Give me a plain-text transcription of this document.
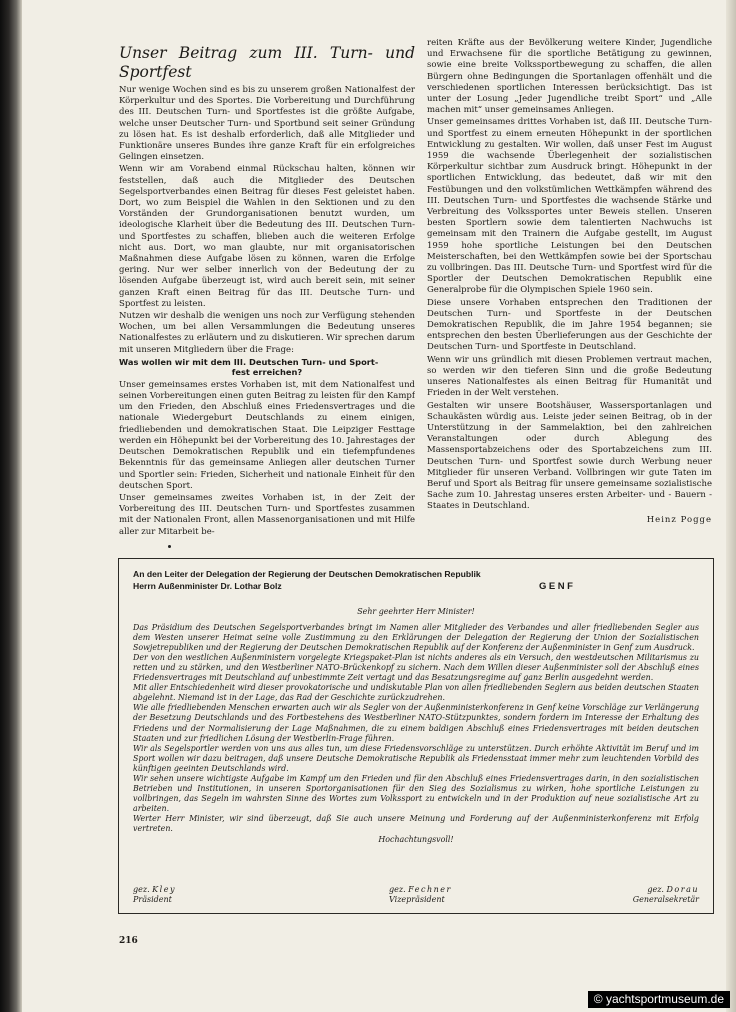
Unser Beitrag zum III. Turn- und Sportfest

Nur wenige Wochen sind es bis zu unserem großen Nationalfest der Körperkultur und des Sportes. Die Vorbereitung und Durchführung des III. Deutschen Turn- und Sportfestes ist die größte Aufgabe, welche unser Deutscher Turn- und Sportbund seit seiner Gründung zu lösen hat. Es ist deshalb erforderlich, daß alle Mitglieder und Funktionäre unseres Bundes ihre ganze Kraft für ein erfolgreiches Gelingen einsetzen.

Wenn wir am Vorabend einmal Rückschau halten, können wir feststellen, daß auch die Mitglieder des Deutschen Segelsportverbandes einen Beitrag für dieses Fest geleistet haben. Dort, wo zum Beispiel die Wahlen in den Sektionen und zu den Vorständen der Grundorganisationen benutzt wurden, um ideologische Klarheit über die Bedeutung des III. Deutschen Turn- und Sportfestes zu schaffen, blieben auch die weiteren Erfolge nicht aus. Dort, wo man glaubte, nur mit organisatorischen Maßnahmen diese Aufgabe lösen zu können, waren die Erfolge gering. Nur wer selber innerlich von der Bedeutung der zu lösenden Aufgabe überzeugt ist, wird auch bereit sein, mit seiner ganzen Kraft einen Beitrag für das III. Deutsche Turn- und Sportfest zu leisten.

Nutzen wir deshalb die wenigen uns noch zur Verfügung stehenden Wochen, um bei allen Versammlungen die Bedeutung unseres Nationalfestes zu erläutern und zu diskutieren. Wir sprechen darum mit unseren Mitgliedern über die Frage:

Was wollen wir mit dem III. Deutschen Turn- und Sport-
fest erreichen?

Unser gemeinsames erstes Vorhaben ist, mit dem Nationalfest und seinen Vorbereitungen einen guten Beitrag zu leisten für den Kampf um den Frieden, den Abschluß eines Friedensvertrages und die nationale Wiedergeburt Deutschlands zu einem einigen, friedliebenden und demokratischen Staat. Die Leipziger Festtage werden ein Höhepunkt bei der Vorbereitung des 10. Jahrestages der Deutschen Demokratischen Republik und ein tiefempfundenes Bekenntnis für das gemeinsame Anliegen aller deutschen Turner und Sportler sein: Frieden, Sicherheit und nationale Einheit für den deutschen Sport.

Unser gemeinsames zweites Vorhaben ist, in der Zeit der Vorbereitung des III. Deutschen Turn- und Sportfestes zusammen mit der Nationalen Front, allen Massenorganisationen und mit Hilfe aller zur Mitarbeit be-

reiten Kräfte aus der Bevölkerung weitere Kinder, Jugendliche und Erwachsene für die sportliche Betätigung zu gewinnen, sowie eine breite Volkssportbewegung zu schaffen, die allen Bürgern ohne Bedingungen die Sportanlagen offenhält und die verschiedenen sportlichen Interessen berücksichtigt. Das ist unter der Losung „Jeder Jugendliche treibt Sport“ und „Alle machen mit“ unser gemeinsames Anliegen.

Unser gemeinsames drittes Vorhaben ist, daß III. Deutsche Turn- und Sportfest zu einem erneuten Höhepunkt in der sportlichen Entwicklung zu gestalten. Wir wollen, daß unser Fest im August 1959 die wachsende Überlegenheit der sozialistischen Körperkultur sichtbar zum Ausdruck bringt. Höhepunkt in der sportlichen Entwicklung, das bedeutet, daß wir mit den Festübungen und den volkstümlichen Wettkämpfen während des III. Deutschen Turn- und Sportfestes die wachsende Stärke und Verbreitung des Volkssportes unter Beweis stellen. Unseren besten Sportlern sowie dem talentierten Nachwuchs ist gemeinsam mit den Trainern die Aufgabe gestellt, im August 1959 hohe sportliche Leistungen bei den Deutschen Meisterschaften, bei den Wettkämpfen sowie bei der Sportschau zu vollbringen. Das III. Deutsche Turn- und Sportfest wird für die Sportler der Deutschen Demokratischen Republik eine Generalprobe für die Olympischen Spiele 1960 sein.

Diese unsere Vorhaben entsprechen den Traditionen der Deutschen Turn- und Sportfeste in der Deutschen Demokratischen Republik, die im Jahre 1954 begannen; sie entsprechen den besten Überlieferungen aus der Geschichte der Deutschen Turn- und Sportfeste in Deutschland.

Wenn wir uns gründlich mit diesen Problemen vertraut machen, so werden wir den tieferen Sinn und die große Bedeutung unseres Nationalfestes als einen Beitrag für Humanität und Frieden in der Welt verstehen.

Gestalten wir unsere Bootshäuser, Wassersportanlagen und Schaukästen würdig aus. Leiste jeder seinen Beitrag, ob in der Unterstützung in der Sammelaktion, bei den zahlreichen Veranstaltungen oder durch Ablegung des Massensportabzeichens oder des Sportabzeichens zum III. Deutschen Turn- und Sportfest sowie durch Werbung neuer Mitglieder für unseren Verband. Vollbringen wir gute Taten im Beruf und Sport als Beitrag für unsere gemeinsame sozialistische Sache zum 10. Jahrestag unseres ersten Arbeiter- und - Bauern - Staates in Deutschland.

Heinz Pogge
An den Leiter der Delegation der Regierung der Deutschen Demokratischen Republik
Herrn Außenminister Dr. Lothar Bolz	GENF

Sehr geehrter Herr Minister!

Das Präsidium des Deutschen Segelsportverbandes bringt im Namen aller Mitglieder des Verbandes und aller friedliebenden Segler aus dem Westen unserer Heimat seine volle Zustimmung zu den Erklärungen der Delegation der Regierung der Union der Sozialistischen Sowjetrepubliken und der Regierung der Deutschen Demokratischen Republik auf der Konferenz der Außenminister in Genf zum Ausdruck.

Der von den westlichen Außenministern vorgelegte Kriegspaket-Plan ist nichts anderes als ein Versuch, den westdeutschen Militarismus zu retten und zu stärken, und den Westberliner NATO-Brückenkopf zu sichern. Nach dem Willen dieser Außenminister soll der Abschluß eines Friedensvertrages mit Deutschland auf unbestimmte Zeit vertagt und das Besatzungsregime auf ganz Berlin ausgedehnt werden.

Mit aller Entschiedenheit wird dieser provokatorische und undiskutable Plan von allen friedliebenden Seglern aus beiden deutschen Staaten abgelehnt. Niemand ist in der Lage, das Rad der Geschichte zurückzudrehen.

Wie alle friedliebenden Menschen erwarten auch wir als Segler von der Außenministerkonferenz in Genf keine Vorschläge zur Verlängerung der Besetzung Deutschlands und des Fortbestehens des Westberliner NATO-Stützpunktes, sondern fordern im Interesse der Erhaltung des Friedens und der Normalisierung der Lage Maßnahmen, die zu einem baldigen Abschluß eines Friedensvertrages mit beiden deutschen Staaten und zur friedlichen Lösung der Westberlin-Frage führen.

Wir als Segelsportler werden von uns aus alles tun, um diese Friedensvorschläge zu unterstützen. Durch erhöhte Aktivität im Beruf und im Sport wollen wir dazu beitragen, daß unsere Deutsche Demokratische Republik als Friedensstaat immer mehr zum leuchtenden Vorbild des künftigen geeinten Deutschlands wird.

Wir sehen unsere wichtigste Aufgabe im Kampf um den Frieden und für den Abschluß eines Friedensvertrages darin, in den sozialistischen Betrieben und Institutionen, in unseren Sportorganisationen für den Sieg des Sozialismus zu wirken, hohe sportliche Leistungen zu vollbringen, das Segeln im wahrsten Sinne des Wortes zum Volkssport zu entwickeln und in der Produktion auf neue sozialistische Art zu arbeiten.

Werter Herr Minister, wir sind überzeugt, daß Sie auch unsere Meinung und Forderung auf der Außenministerkonferenz mit Erfolg vertreten.

Hochachtungsvoll!

gez. Kley
Präsident
gez. Fechner
Vizepräsident
gez. Dorau
Generalsekretär
216
© yachtsportmuseum.de
